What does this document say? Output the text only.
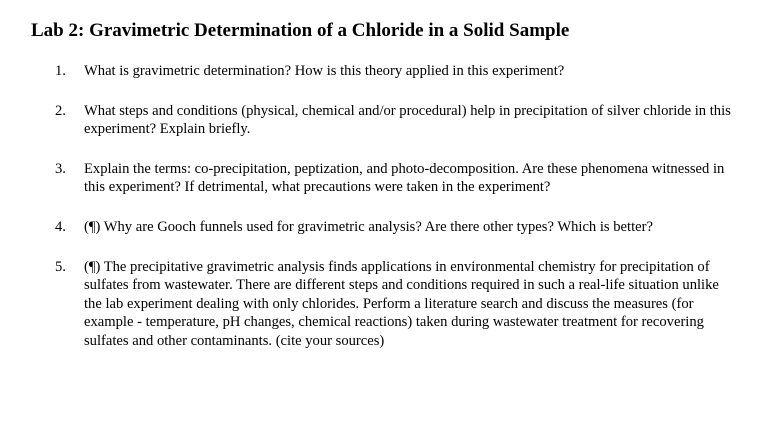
Lab 2: Gravimetric Determination of a Chloride in a Solid Sample
1. What is gravimetric determination? How is this theory applied in this experiment?
2. What steps and conditions (physical, chemical and/or procedural) help in precipitation of silver chloride in this experiment? Explain briefly.
3. Explain the terms: co-precipitation, peptization, and photo-decomposition. Are these phenomena witnessed in this experiment? If detrimental, what precautions were taken in the experiment?
4. (¶) Why are Gooch funnels used for gravimetric analysis? Are there other types? Which is better?
5. (¶) The precipitative gravimetric analysis finds applications in environmental chemistry for precipitation of sulfates from wastewater. There are different steps and conditions required in such a real-life situation unlike the lab experiment dealing with only chlorides. Perform a literature search and discuss the measures (for example - temperature, pH changes, chemical reactions) taken during wastewater treatment for recovering sulfates and other contaminants. (cite your sources)
